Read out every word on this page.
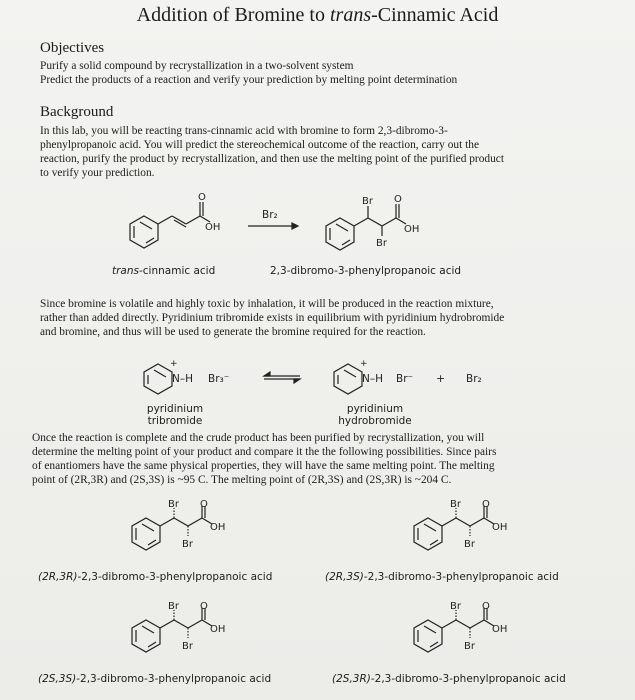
Addition of Bromine to trans-Cinnamic Acid
Objectives
Purify a solid compound by recrystallization in a two-solvent system
Predict the products of a reaction and verify your prediction by melting point determination
Background
In this lab, you will be reacting trans-cinnamic acid with bromine to form 2,3-dibromo-3-
phenylpropanoic acid. You will predict the stereochemical outcome of the reaction, carry out the
reaction, purify the product by recrystallization, and then use the melting point of the purified product
to verify your prediction.
O
OH
Br₂
O
OH
Br
Br
trans-cinnamic acid	2,3-dibromo-3-phenylpropanoic acid
Since bromine is volatile and highly toxic by inhalation, it will be produced in the reaction mixture,
rather than added directly. Pyridinium tribromide exists in equilibrium with pyridinium hydrobromide
and bromine, and thus will be used to generate the bromine required for the reaction.
+
N–H Br₃⁻
+
N–H Br⁻ + Br₂
pyridinium
tribromide
pyridinium
hydrobromide
Once the reaction is complete and the crude product has been purified by recrystallization, you will
determine the melting point of your product and compare it the the following possibilities. Since pairs
of enantiomers have the same physical properties, they will have the same melting point. The melting
point of (2R,3R) and (2S,3S) is ~95 C. The melting point of (2R,3S) and (2S,3R) is ~204 C.
Br O
OH
Br
Br O
OH
Br
Br O
OH
Br
Br O
OH
Br
(2R,3R)-2,3-dibromo-3-phenylpropanoic acid	(2R,3S)-2,3-dibromo-3-phenylpropanoic acid
(2S,3S)-2,3-dibromo-3-phenylpropanoic acid	(2S,3R)-2,3-dibromo-3-phenylpropanoic acid
